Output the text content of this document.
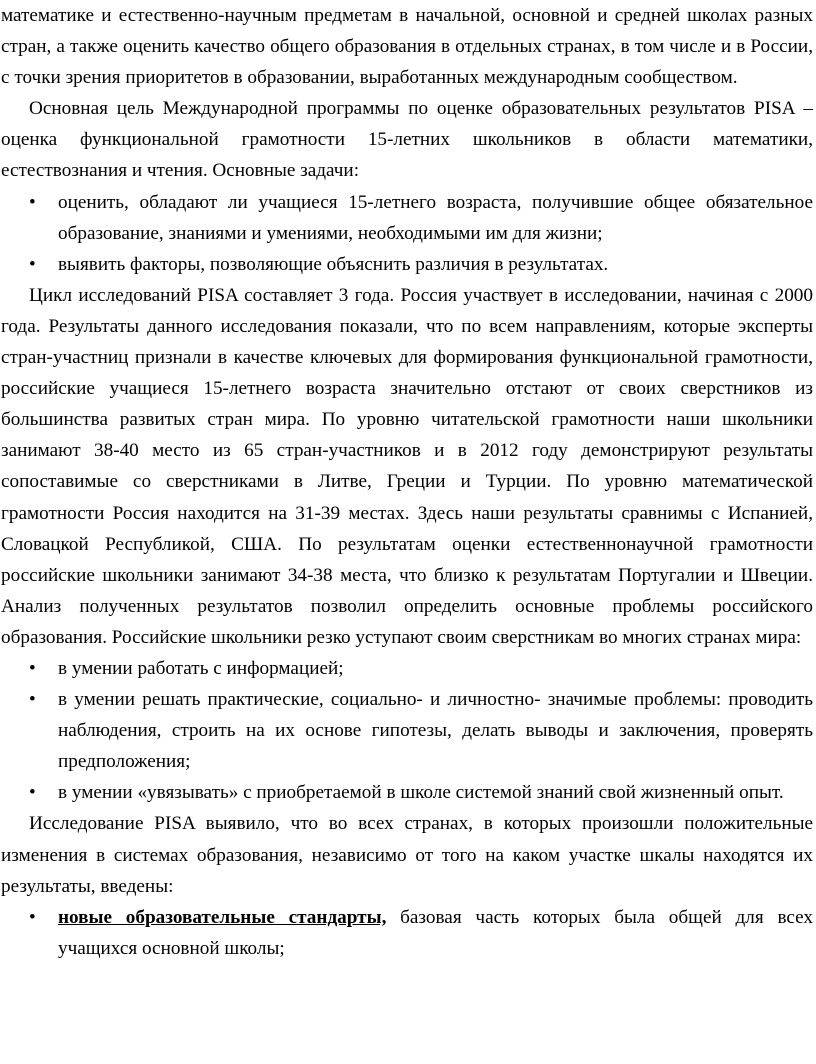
математике и естественно-научным предметам в начальной, основной и средней школах разных стран, а также оценить качество общего образования в отдельных странах, в том числе и в России, с точки зрения приоритетов в образовании, выработанных международным сообществом.

Основная цель Международной программы по оценке образовательных результатов PISA – оценка функциональной грамотности 15-летних школьников в области математики, естествознания и чтения. Основные задачи:

• оценить, обладают ли учащиеся 15-летнего возраста, получившие общее обязательное образование, знаниями и умениями, необходимыми им для жизни;
• выявить факторы, позволяющие объяснить различия в результатах.

Цикл исследований PISA составляет 3 года. Россия участвует в исследовании, начиная с 2000 года. Результаты данного исследования показали, что по всем направлениям, которые эксперты стран-участниц признали в качестве ключевых для формирования функциональной грамотности, российские учащиеся 15-летнего возраста значительно отстают от своих сверстников из большинства развитых стран мира. По уровню читательской грамотности наши школьники занимают 38-40 место из 65 стран-участников и в 2012 году демонстрируют результаты сопоставимые со сверстниками в Литве, Греции и Турции. По уровню математической грамотности Россия находится на 31-39 местах. Здесь наши результаты сравнимы с Испанией, Словацкой Республикой, США. По результатам оценки естественнонаучной грамотности российские школьники занимают 34-38 места, что близко к результатам Португалии и Швеции. Анализ полученных результатов позволил определить основные проблемы российского образования. Российские школьники резко уступают своим сверстникам во многих странах мира:

• в умении работать с информацией;
• в умении решать практические, социально- и личностно- значимые проблемы: проводить наблюдения, строить на их основе гипотезы, делать выводы и заключения, проверять предположения;
• в умении «увязывать» с приобретаемой в школе системой знаний свой жизненный опыт.

Исследование PISA выявило, что во всех странах, в которых произошли положительные изменения в системах образования, независимо от того на каком участке шкалы находятся их результаты, введены:

• новые образовательные стандарты, базовая часть которых была общей для всех учащихся основной школы;
